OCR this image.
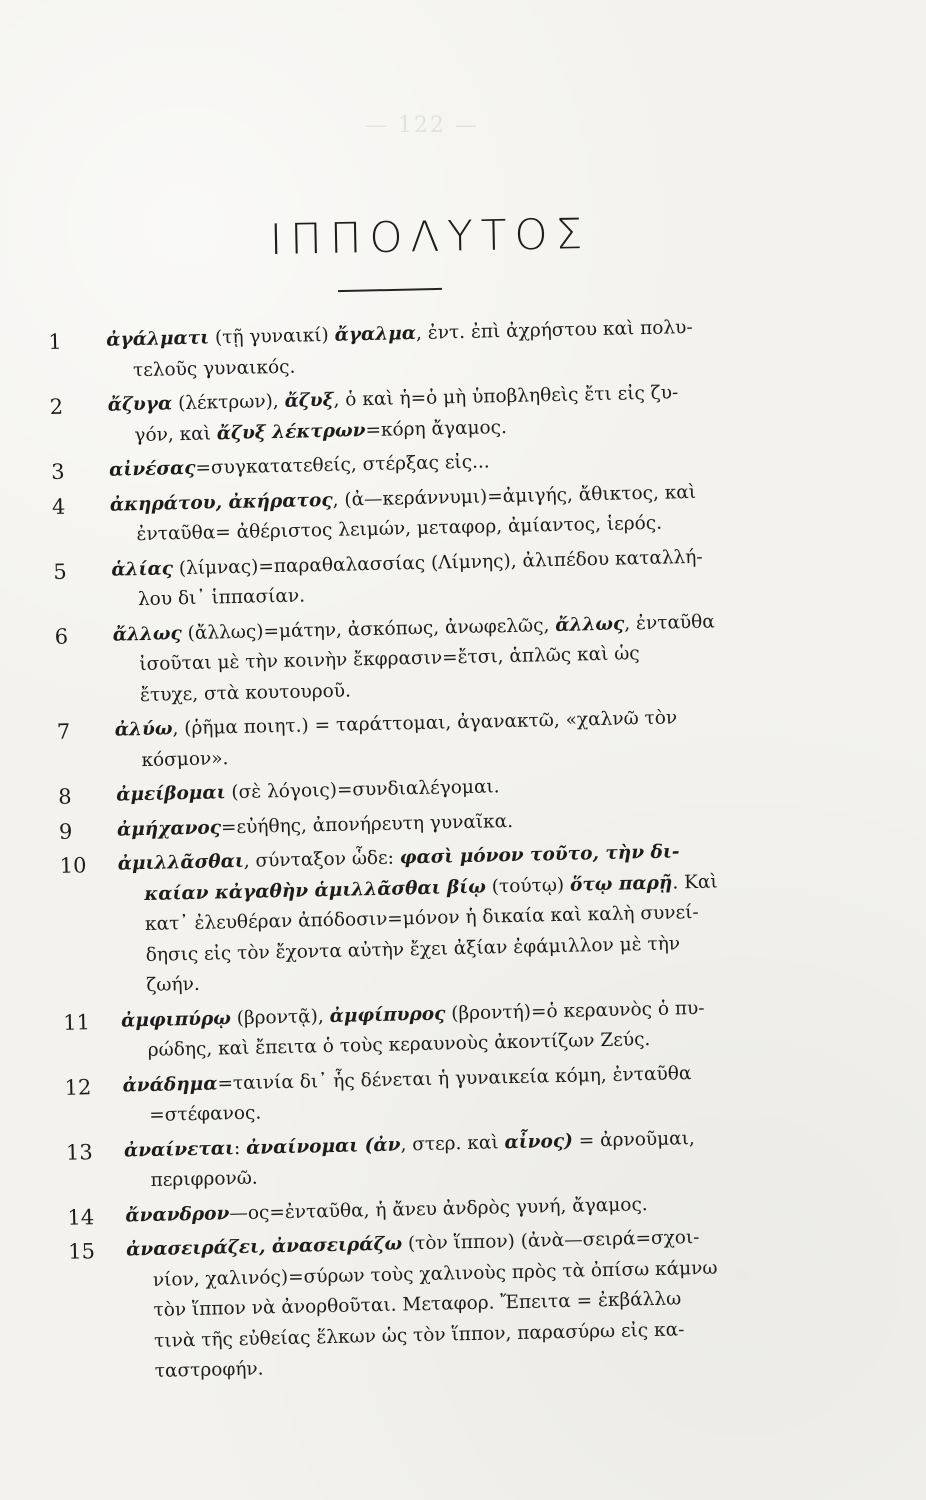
— 122 —

ΙΠΠΟΛΥΤΟΣ
1	ἀγάλματι (τῇ γυναικί) ἄγαλμα, ἐντ. ἐπὶ ἀχρήστου καὶ πολυ-
τελοῦς γυναικός.
2	ἄζυγα (λέκτρων), ἄζυξ, ὁ καὶ ἡ=ὁ μὴ ὑποβληθεὶς ἔτι εἰς ζυ-
γόν, καὶ ἄζυξ λέκτρων=κόρη ἄγαμος.
3	αἰνέσας=συγκατατεθείς, στέρξας εἰς...
4	ἀκηράτου, ἀκήρατος, (ἀ—κεράννυμι)=ἀμιγής, ἄθικτος, καὶ
ἐνταῦθα= ἀθέριστος λειμών, μεταφορ, ἀμίαντος, ἱερός.
5	ἁλίας (λίμνας)=παραθαλασσίας (Λίμνης), ἀλιπέδου καταλλή-
λου δι᾽ ἱππασίαν.
6	ἄλλως (ἄλλως)=μάτην, ἀσκόπως, ἀνωφελῶς, ἄλλως, ἐνταῦθα
ἰσοῦται μὲ τὴν κοινὴν ἔκφρασιν=ἔτσι, ἁπλῶς καὶ ὡς
ἔτυχε, στὰ κουτουροῦ.
7	ἀλύω, (ῥῆμα ποιητ.) = ταράττομαι, ἀγανακτῶ, «χαλνῶ τὸν
κόσμον».
8	ἀμείβομαι (σὲ λόγοις)=συνδιαλέγομαι.
9	ἀμήχανος=εὐήθης, ἀπονήρευτη γυναῖκα.
10	ἀμιλλᾶσθαι, σύνταξον ὧδε: φασὶ μόνον τοῦτο, τὴν δι-
καίαν κἀγαθὴν ἁμιλλᾶσθαι βίῳ (τούτῳ) ὅτῳ παρῇ. Καὶ
κατ᾽ ἐλευθέραν ἀπόδοσιν=μόνον ἡ δικαία καὶ καλὴ συνεί-
δησις εἰς τὸν ἔχοντα αὐτὴν ἔχει ἀξίαν ἐφάμιλλον μὲ τὴν
ζωήν.
11	ἀμφιπύρῳ (βροντᾷ), ἀμφίπυρος (βροντή)=ὁ κεραυνὸς ὁ πυ-
ρώδης, καὶ ἔπειτα ὁ τοὺς κεραυνοὺς ἀκοντίζων Ζεύς.
12	ἀνάδημα=ταινία δι᾽ ἧς δένεται ἡ γυναικεία κόμη, ἐνταῦθα
=στέφανος.
13	ἀναίνεται: ἀναίνομαι (ἀν, στερ. καὶ αἶνος) = ἀρνοῦμαι,
περιφρονῶ.
14	ἄνανδρον—ος=ἐνταῦθα, ἡ ἄνευ ἀνδρὸς γυνή, ἄγαμος.
15	ἀνασειράζει, ἀνασειράζω (τὸν ἵππον) (ἀνὰ—σειρά=σχοι-
νίον, χαλινός)=σύρων τοὺς χαλινοὺς πρὸς τὰ ὀπίσω κάμνω
τὸν ἵππον νὰ ἀνορθοῦται. Μεταφορ. Ἔπειτα = ἐκβάλλω
τινὰ τῆς εὐθείας ἕλκων ὡς τὸν ἵππον, παρασύρω εἰς κα-
ταστροφήν.
